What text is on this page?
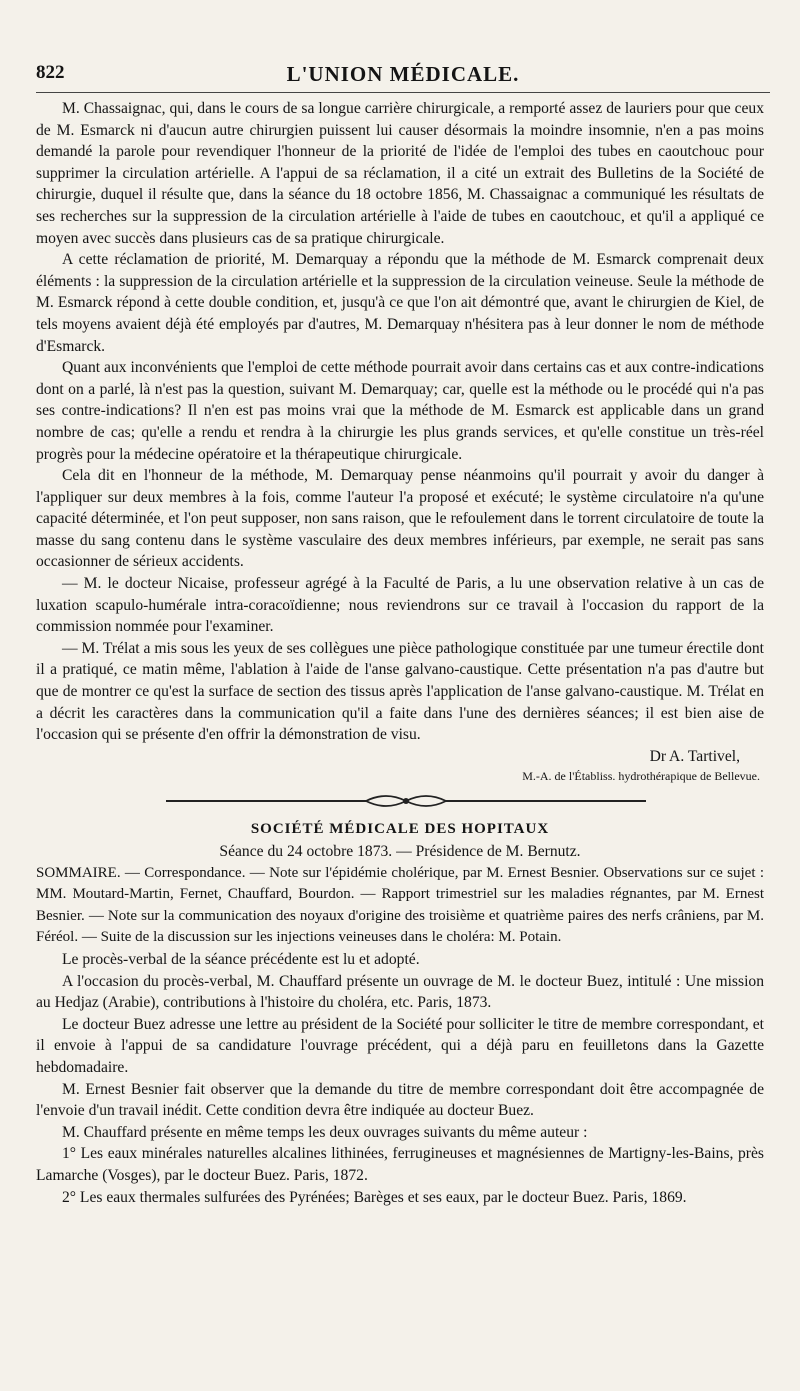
822	L'UNION MÉDICALE.

M. Chassaignac, qui, dans le cours de sa longue carrière chirurgicale, a remporté assez de lauriers pour que ceux de M. Esmarck ni d'aucun autre chirurgien puissent lui causer désormais la moindre insomnie, n'en a pas moins demandé la parole pour revendiquer l'honneur de la priorité de l'idée de l'emploi des tubes en caoutchouc pour supprimer la circulation artérielle. A l'appui de sa réclamation, il a cité un extrait des Bulletins de la Société de chirurgie, duquel il résulte que, dans la séance du 18 octobre 1856, M. Chassaignac a communiqué les résultats de ses recherches sur la suppression de la circulation artérielle à l'aide de tubes en caoutchouc, et qu'il a appliqué ce moyen avec succès dans plusieurs cas de sa pratique chirurgicale.

A cette réclamation de priorité, M. Demarquay a répondu que la méthode de M. Esmarck comprenait deux éléments : la suppression de la circulation artérielle et la suppression de la circulation veineuse. Seule la méthode de M. Esmarck répond à cette double condition, et, jusqu'à ce que l'on ait démontré que, avant le chirurgien de Kiel, de tels moyens avaient déjà été employés par d'autres, M. Demarquay n'hésitera pas à leur donner le nom de méthode d'Esmarck.

Quant aux inconvénients que l'emploi de cette méthode pourrait avoir dans certains cas et aux contre-indications dont on a parlé, là n'est pas la question, suivant M. Demarquay; car, quelle est la méthode ou le procédé qui n'a pas ses contre-indications? Il n'en est pas moins vrai que la méthode de M. Esmarck est applicable dans un grand nombre de cas; qu'elle a rendu et rendra à la chirurgie les plus grands services, et qu'elle constitue un très-réel progrès pour la médecine opératoire et la thérapeutique chirurgicale.

Cela dit en l'honneur de la méthode, M. Demarquay pense néanmoins qu'il pourrait y avoir du danger à l'appliquer sur deux membres à la fois, comme l'auteur l'a proposé et exécuté; le système circulatoire n'a qu'une capacité déterminée, et l'on peut supposer, non sans raison, que le refoulement dans le torrent circulatoire de toute la masse du sang contenu dans le système vasculaire des deux membres inférieurs, par exemple, ne serait pas sans occasionner de sérieux accidents.

— M. le docteur Nicaise, professeur agrégé à la Faculté de Paris, a lu une observation relative à un cas de luxation scapulo-humérale intra-coracoïdienne; nous reviendrons sur ce travail à l'occasion du rapport de la commission nommée pour l'examiner.

— M. Trélat a mis sous les yeux de ses collègues une pièce pathologique constituée par une tumeur érectile dont il a pratiqué, ce matin même, l'ablation à l'aide de l'anse galvano-caustique. Cette présentation n'a pas d'autre but que de montrer ce qu'est la surface de section des tissus après l'application de l'anse galvano-caustique. M. Trélat en a décrit les caractères dans la communication qu'il a faite dans l'une des dernières séances; il est bien aise de l'occasion qui se présente d'en offrir la démonstration de visu.

Dr A. Tartivel,

M.-A. de l'Établiss. hydrothérapique de Bellevue.

SOCIÉTÉ MÉDICALE DES HOPITAUX

Séance du 24 octobre 1873. — Présidence de M. Bernutz.

SOMMAIRE. — Correspondance. — Note sur l'épidémie cholérique, par M. Ernest Besnier. Observations sur ce sujet : MM. Moutard-Martin, Fernet, Chauffard, Bourdon. — Rapport trimestriel sur les maladies régnantes, par M. Ernest Besnier. — Note sur la communication des noyaux d'origine des troisième et quatrième paires des nerfs crâniens, par M. Féréol. — Suite de la discussion sur les injections veineuses dans le choléra: M. Potain.

Le procès-verbal de la séance précédente est lu et adopté.

A l'occasion du procès-verbal, M. Chauffard présente un ouvrage de M. le docteur Buez, intitulé : Une mission au Hedjaz (Arabie), contributions à l'histoire du choléra, etc. Paris, 1873.

Le docteur Buez adresse une lettre au président de la Société pour solliciter le titre de membre correspondant, et il envoie à l'appui de sa candidature l'ouvrage précédent, qui a déjà paru en feuilletons dans la Gazette hebdomadaire.

M. Ernest Besnier fait observer que la demande du titre de membre correspondant doit être accompagnée de l'envoie d'un travail inédit. Cette condition devra être indiquée au docteur Buez.

M. Chauffard présente en même temps les deux ouvrages suivants du même auteur :

1° Les eaux minérales naturelles alcalines lithinées, ferrugineuses et magnésiennes de Martigny-les-Bains, près Lamarche (Vosges), par le docteur Buez. Paris, 1872.

2° Les eaux thermales sulfurées des Pyrénées; Barèges et ses eaux, par le docteur Buez. Paris, 1869.
